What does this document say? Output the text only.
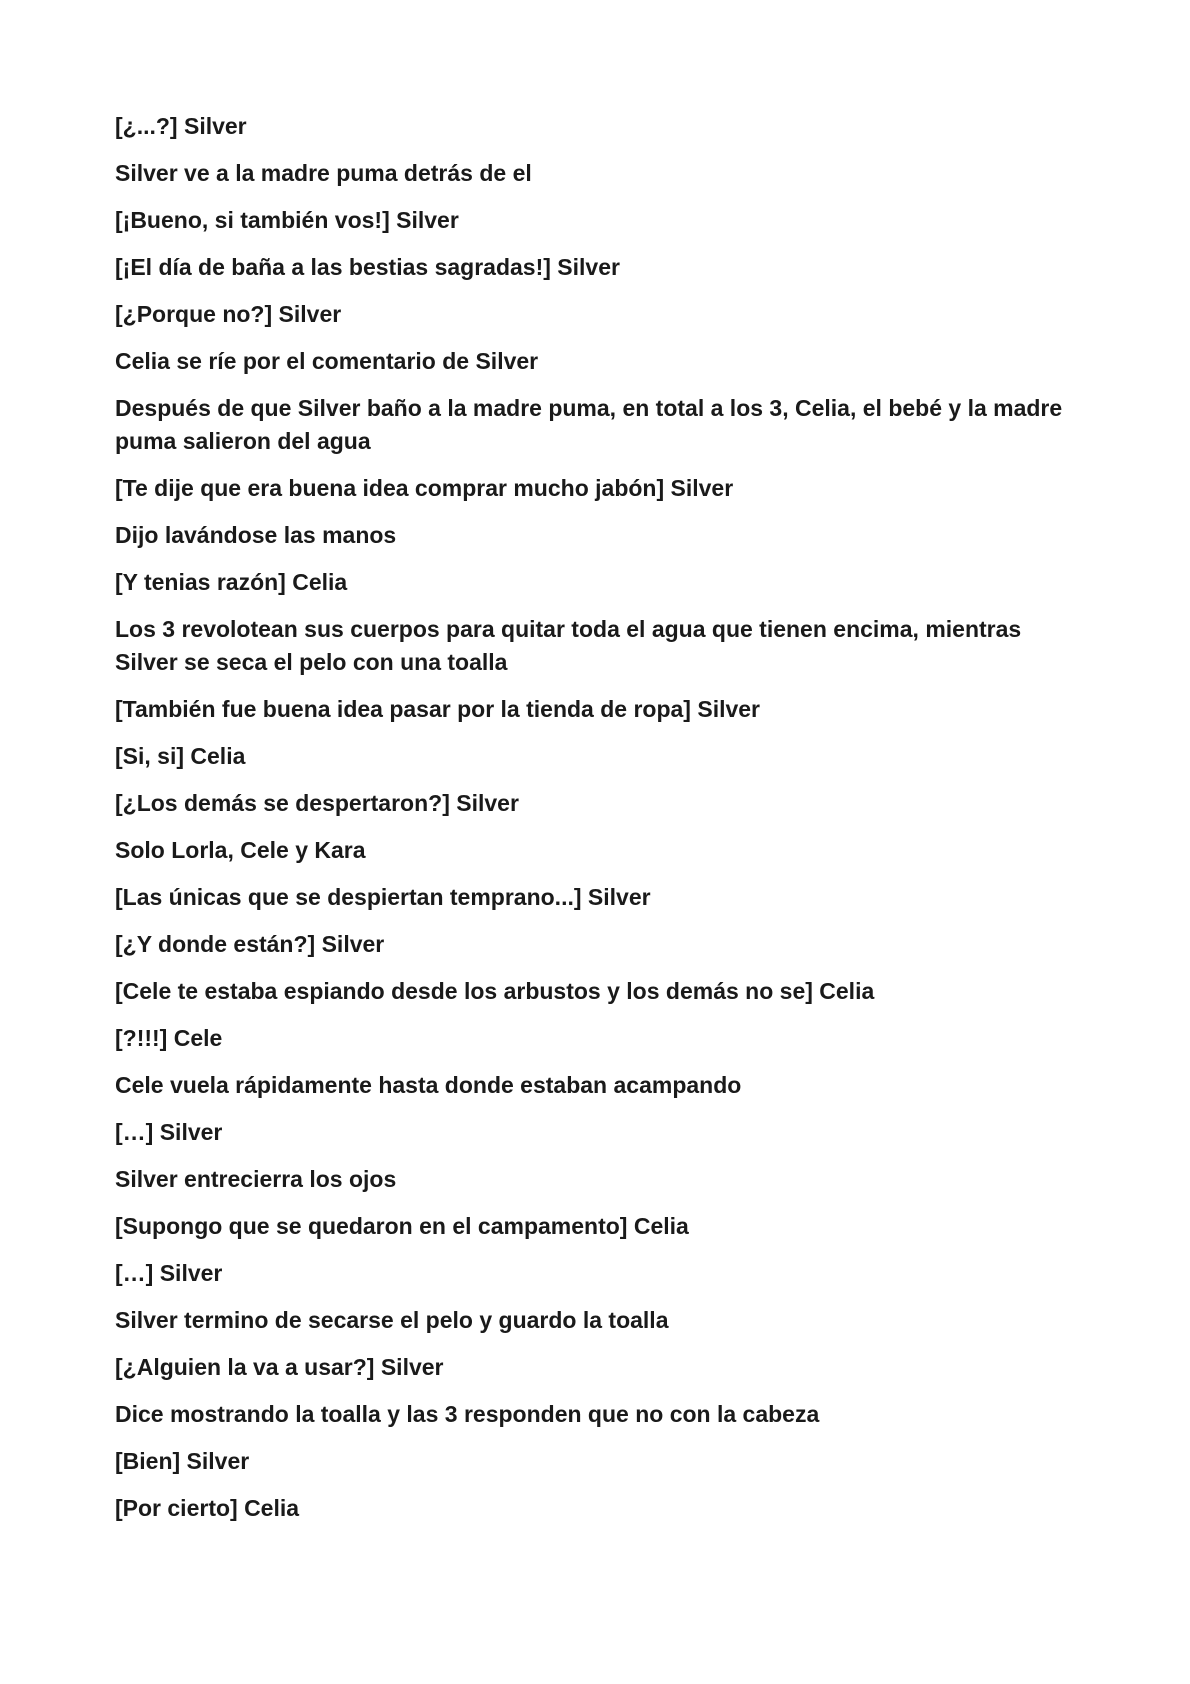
[¿...?] Silver

Silver ve a la madre puma detrás de el

[¡Bueno, si también vos!] Silver

[¡El día de baña a las bestias sagradas!] Silver

[¿Porque no?] Silver

Celia se ríe por el comentario de Silver

Después de que Silver baño a la madre puma, en total a los 3, Celia, el bebé y la madre puma salieron del agua

[Te dije que era buena idea comprar mucho jabón] Silver

Dijo lavándose las manos

[Y tenias razón] Celia

Los 3 revolotean sus cuerpos para quitar toda el agua que tienen encima, mientras Silver se seca el pelo con una toalla

[También fue buena idea pasar por la tienda de ropa] Silver

[Si, si] Celia

[¿Los demás se despertaron?] Silver

Solo Lorla, Cele y Kara

[Las únicas que se despiertan temprano...] Silver

[¿Y donde están?] Silver

[Cele te estaba espiando desde los arbustos y los demás no se] Celia

[?!!!] Cele

Cele vuela rápidamente hasta donde estaban acampando

[…] Silver

Silver entrecierra los ojos

[Supongo que se quedaron en el campamento] Celia

[…] Silver

Silver termino de secarse el pelo y guardo la toalla

[¿Alguien la va a usar?] Silver

Dice mostrando la toalla y las 3 responden que no con la cabeza

[Bien] Silver

[Por cierto] Celia
